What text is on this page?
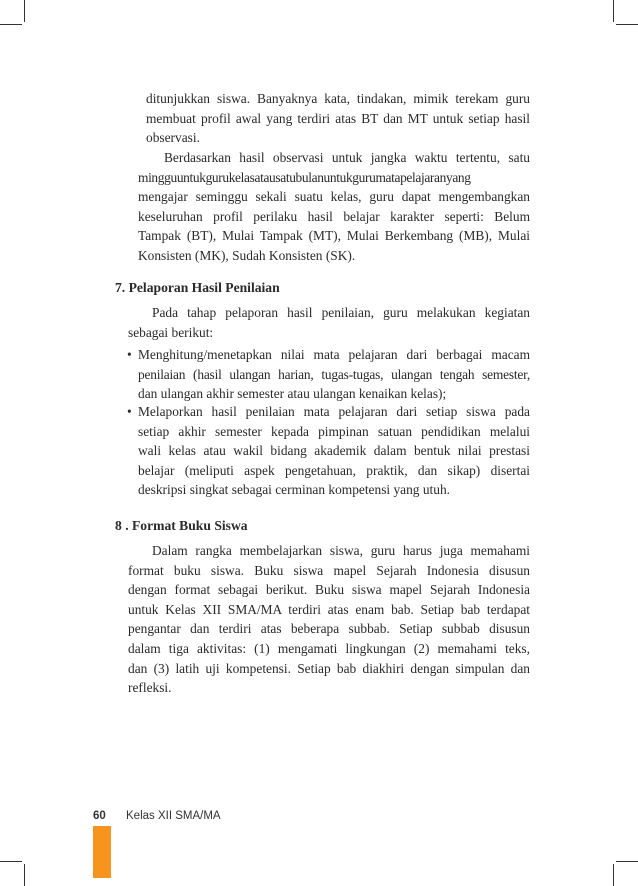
ditunjukkan siswa. Banyaknya kata, tindakan, mimik terekam guru
membuat profil awal yang terdiri atas BT dan MT untuk setiap hasil
observasi.
Berdasarkan hasil observasi untuk jangka waktu tertentu, satu
mingguuntukgurukelasatausatubulanuntukgurumatapelajaranyang
mengajar seminggu sekali suatu kelas, guru dapat mengembangkan
keseluruhan profil perilaku hasil belajar karakter seperti: Belum
Tampak (BT), Mulai Tampak (MT), Mulai Berkembang (MB), Mulai
Konsisten (MK), Sudah Konsisten (SK).
7. Pelaporan Hasil Penilaian
Pada tahap pelaporan hasil penilaian, guru melakukan kegiatan
sebagai berikut:
• Menghitung/menetapkan nilai mata pelajaran dari berbagai macam
penilaian (hasil ulangan harian, tugas-tugas, ulangan tengah semester,
dan ulangan akhir semester atau ulangan kenaikan kelas);
• Melaporkan hasil penilaian mata pelajaran dari setiap siswa pada
setiap akhir semester kepada pimpinan satuan pendidikan melalui
wali kelas atau wakil bidang akademik dalam bentuk nilai prestasi
belajar (meliputi aspek pengetahuan, praktik, dan sikap) disertai
deskripsi singkat sebagai cerminan kompetensi yang utuh.
8 . Format Buku Siswa
Dalam rangka membelajarkan siswa, guru harus juga memahami
format buku siswa. Buku siswa mapel Sejarah Indonesia disusun
dengan format sebagai berikut. Buku siswa mapel Sejarah Indonesia
untuk Kelas XII SMA/MA terdiri atas enam bab. Setiap bab terdapat
pengantar dan terdiri atas beberapa subbab. Setiap subbab disusun
dalam tiga aktivitas: (1) mengamati lingkungan (2) memahami teks,
dan (3) latih uji kompetensi. Setiap bab diakhiri dengan simpulan dan
refleksi.
60 Kelas XII SMA/MA
